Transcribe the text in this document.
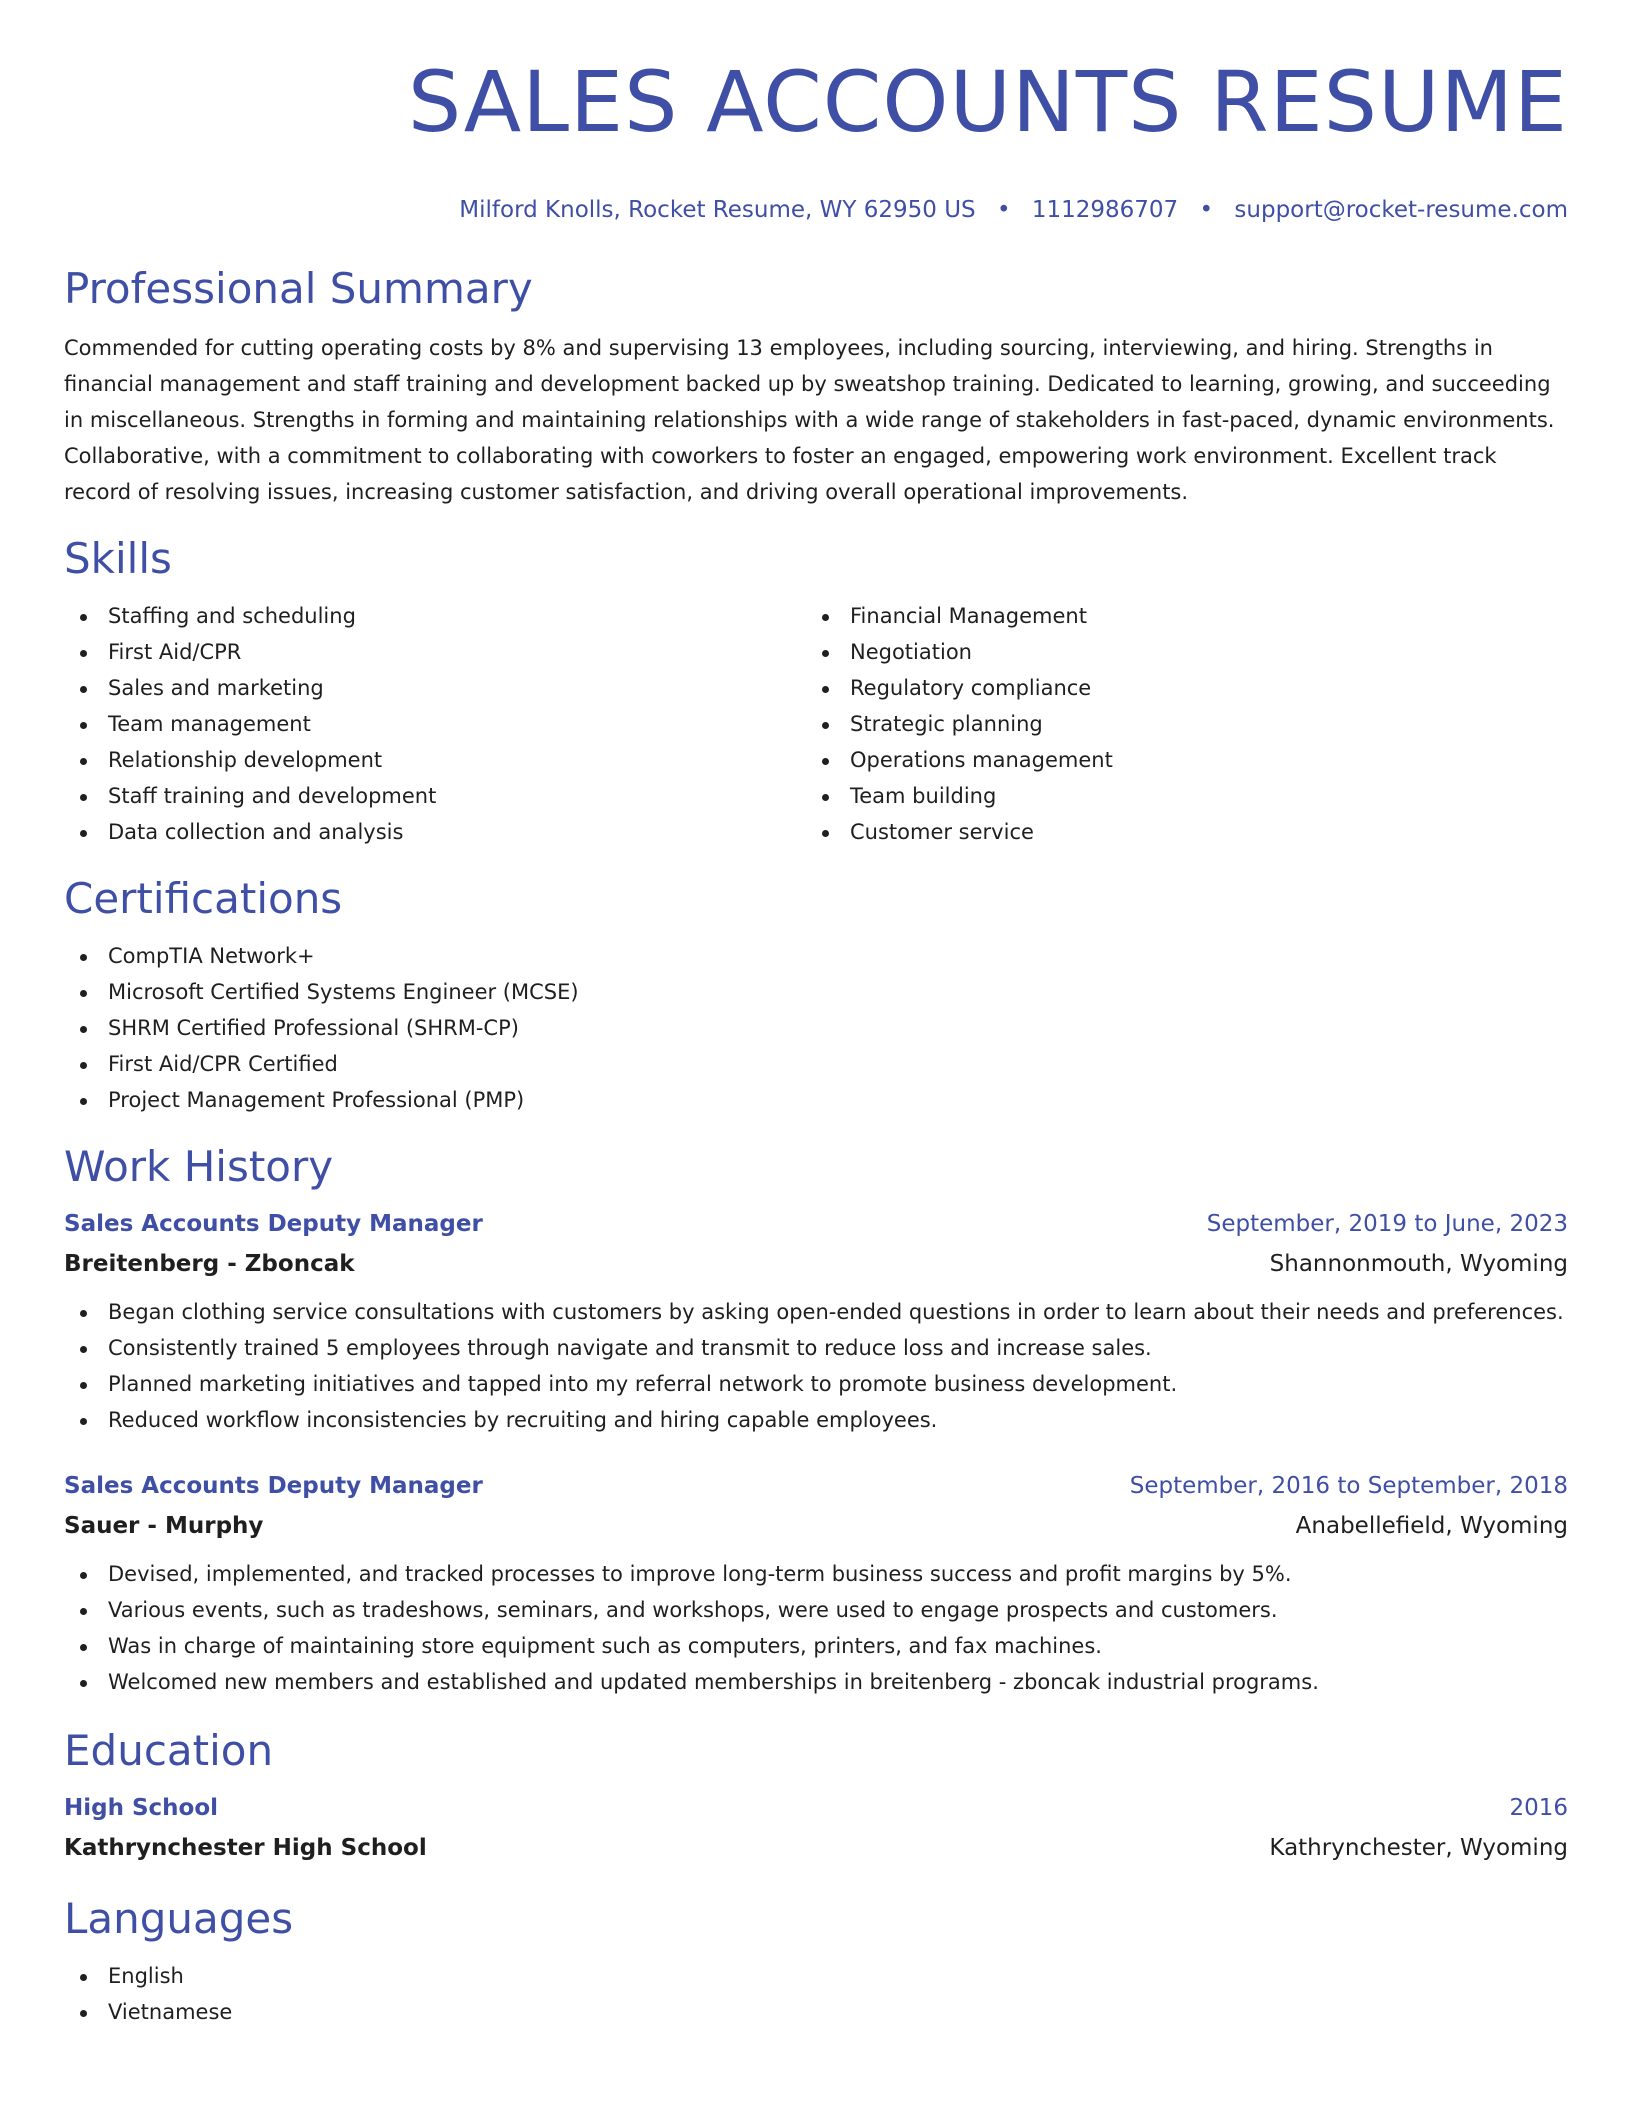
SALES ACCOUNTS RESUME
Milford Knolls, Rocket Resume, WY 62950 US • 1112986707 • support@rocket-resume.com
Professional Summary
Commended for cutting operating costs by 8% and supervising 13 employees, including sourcing, interviewing, and hiring. Strengths in financial management and staff training and development backed up by sweatshop training. Dedicated to learning, growing, and succeeding in miscellaneous. Strengths in forming and maintaining relationships with a wide range of stakeholders in fast-paced, dynamic environments. Collaborative, with a commitment to collaborating with coworkers to foster an engaged, empowering work environment. Excellent track record of resolving issues, increasing customer satisfaction, and driving overall operational improvements.
Skills
Staffing and scheduling
First Aid/CPR
Sales and marketing
Team management
Relationship development
Staff training and development
Data collection and analysis
Financial Management
Negotiation
Regulatory compliance
Strategic planning
Operations management
Team building
Customer service
Certifications
CompTIA Network+
Microsoft Certified Systems Engineer (MCSE)
SHRM Certified Professional (SHRM-CP)
First Aid/CPR Certified
Project Management Professional (PMP)
Work History
Sales Accounts Deputy Manager	September, 2019 to June, 2023
Breitenberg - Zboncak	Shannonmouth, Wyoming
Began clothing service consultations with customers by asking open-ended questions in order to learn about their needs and preferences.
Consistently trained 5 employees through navigate and transmit to reduce loss and increase sales.
Planned marketing initiatives and tapped into my referral network to promote business development.
Reduced workflow inconsistencies by recruiting and hiring capable employees.
Sales Accounts Deputy Manager	September, 2016 to September, 2018
Sauer - Murphy	Anabellefield, Wyoming
Devised, implemented, and tracked processes to improve long-term business success and profit margins by 5%.
Various events, such as tradeshows, seminars, and workshops, were used to engage prospects and customers.
Was in charge of maintaining store equipment such as computers, printers, and fax machines.
Welcomed new members and established and updated memberships in breitenberg - zboncak industrial programs.
Education
High School	2016
Kathrynchester High School	Kathrynchester, Wyoming
Languages
English
Vietnamese
